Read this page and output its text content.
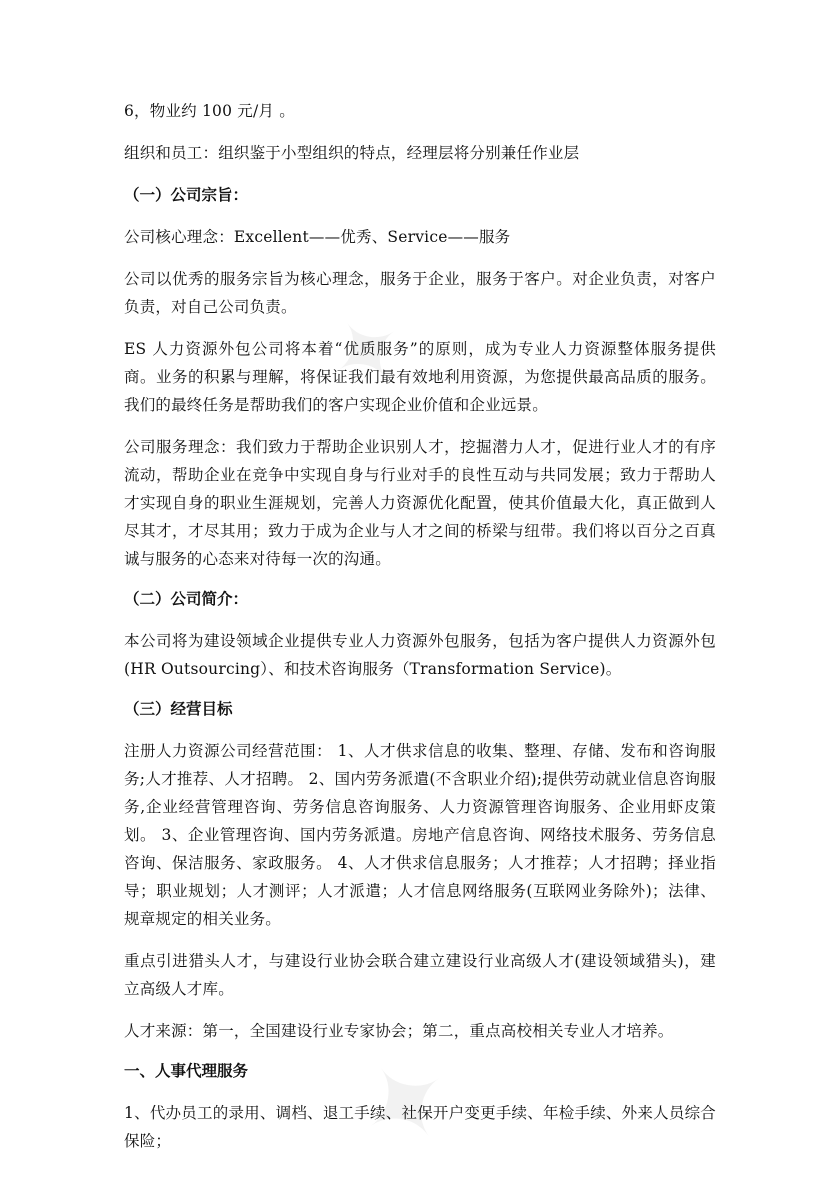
✦
✦

6，物业约 100 元/月 。

组织和员工：组织鉴于小型组织的特点，经理层将分别兼任作业层

（一）公司宗旨：

公司核心理念：Excellent——优秀、Service——服务

公司以优秀的服务宗旨为核心理念，服务于企业，服务于客户。对企业负责，对客户负责，对自己公司负责。

ES 人力资源外包公司将本着“优质服务”的原则，成为专业人力资源整体服务提供商。业务的积累与理解，将保证我们最有效地利用资源，为您提供最高品质的服务。我们的最终任务是帮助我们的客户实现企业价值和企业远景。

公司服务理念：我们致力于帮助企业识别人才，挖掘潜力人才，促进行业人才的有序流动，帮助企业在竞争中实现自身与行业对手的良性互动与共同发展；致力于帮助人才实现自身的职业生涯规划，完善人力资源优化配置，使其价值最大化，真正做到人尽其才，才尽其用；致力于成为企业与人才之间的桥梁与纽带。我们将以百分之百真诚与服务的心态来对待每一次的沟通。

（二）公司简介：

本公司将为建设领域企业提供专业人力资源外包服务，包括为客户提供人力资源外包(HR Outsourcing）、和技术咨询服务（Transformation Service)。

（三）经营目标

注册人力资源公司经营范围： 1、人才供求信息的收集、整理、存储、发布和咨询服务;人才推荐、人才招聘。 2、国内劳务派遣(不含职业介绍);提供劳动就业信息咨询服务,企业经营管理咨询、劳务信息咨询服务、人力资源管理咨询服务、企业用虾皮策划。 3、企业管理咨询、国内劳务派遣。房地产信息咨询、网络技术服务、劳务信息咨询、保洁服务、家政服务。 4、人才供求信息服务；人才推荐；人才招聘；择业指导；职业规划；人才测评；人才派遣；人才信息网络服务(互联网业务除外)；法律、规章规定的相关业务。

重点引进猎头人才，与建设行业协会联合建立建设行业高级人才(建设领域猎头)，建立高级人才库。

人才来源：第一，全国建设行业专家协会；第二，重点高校相关专业人才培养。

一、人事代理服务

1、代办员工的录用、调档、退工手续、社保开户变更手续、年检手续、外来人员综合保险；
